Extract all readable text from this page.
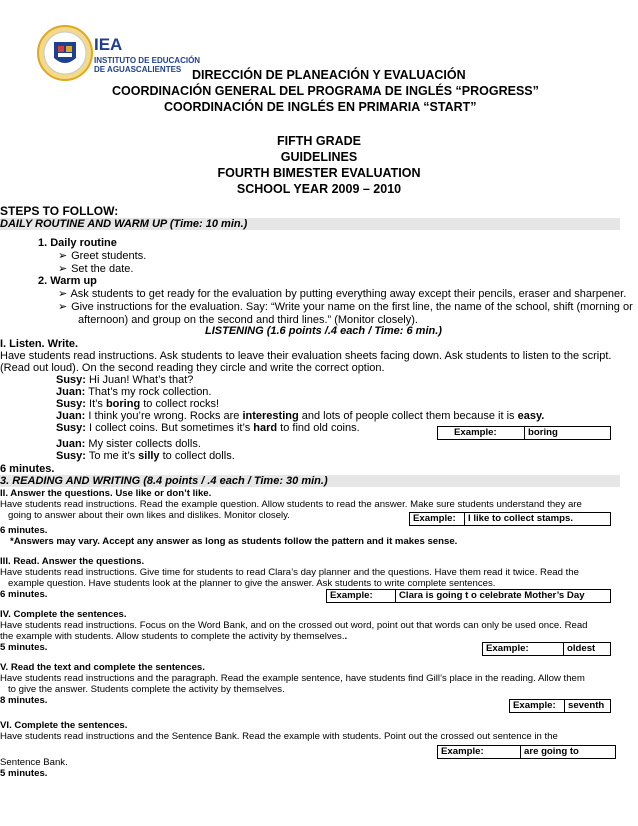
IEA
INSTITUTO DE EDUCACIÓN
DE AGUASCALIENTES DIRECCIÓN DE PLANEACIÓN Y EVALUACIÓN
COORDINACIÓN GENERAL DEL PROGRAMA DE INGLÉS “PROGRESS”
COORDINACIÓN DE INGLÉS EN PRIMARIA “START”
FIFTH GRADE
GUIDELINES
FOURTH BIMESTER EVALUATION
SCHOOL YEAR 2009 – 2010
STEPS TO FOLLOW:
DAILY ROUTINE AND WARM UP (Time: 10 min.)
1. Daily routine
➢ Greet students.
➢ Set the date.
2. Warm up
➢ Ask students to get ready for the evaluation by putting everything away except their pencils, eraser and sharpener.
➢ Give instructions for the evaluation. Say: “Write your name on the first line, the name of the school, shift (morning or
afternoon) and group on the second and third lines.” (Monitor closely).
LISTENING (1.6 points /.4 each / Time: 6 min.)
I. Listen. Write.
Have students read instructions. Ask students to leave their evaluation sheets facing down. Ask students to listen to the script.
(Read out loud). On the second reading they circle and write the correct option.
Susy: Hi Juan! What’s that?
Juan: That’s my rock collection.
Susy: It’s boring to collect rocks!
Juan: I think you’re wrong. Rocks are interesting and lots of people collect them because it is easy.
Susy: I collect coins. But sometimes it’s hard to find old coins.	Example:	boring
Juan: My sister collects dolls.
Susy: To me it’s silly to collect dolls.
6 minutes.
3. READING AND WRITING (8.4 points / .4 each / Time: 30 min.)
II. Answer the questions. Use like or don’t like.
Have students read instructions. Read the example question. Allow students to read the answer. Make sure students understand they are
going to answer about their own likes and dislikes. Monitor closely.	Example:	I like to collect stamps.
6 minutes.
*Answers may vary. Accept any answer as long as students follow the pattern and it makes sense.
III. Read. Answer the questions.
Have students read instructions. Give time for students to read Clara’s day planner and the questions. Have them read it twice. Read the
example question. Have students look at the planner to give the answer. Ask students to write complete sentences.
6 minutes.	Example:	Clara is going t o celebrate Mother’s Day
IV. Complete the sentences.
Have students read instructions. Focus on the Word Bank, and on the crossed out word, point out that words can only be used once. Read
the example with students. Allow students to complete the activity by themselves..
5 minutes.	Example:	oldest
V. Read the text and complete the sentences.
Have students read instructions and the paragraph. Read the example sentence, have students find Gill’s place in the reading. Allow them
to give the answer. Students complete the activity by themselves.
8 minutes.	Example:	seventh
VI. Complete the sentences.
Have students read instructions and the Sentence Bank. Read the example with students. Point out the crossed out sentence in the
Example:	are going to
Sentence Bank.
5 minutes.
